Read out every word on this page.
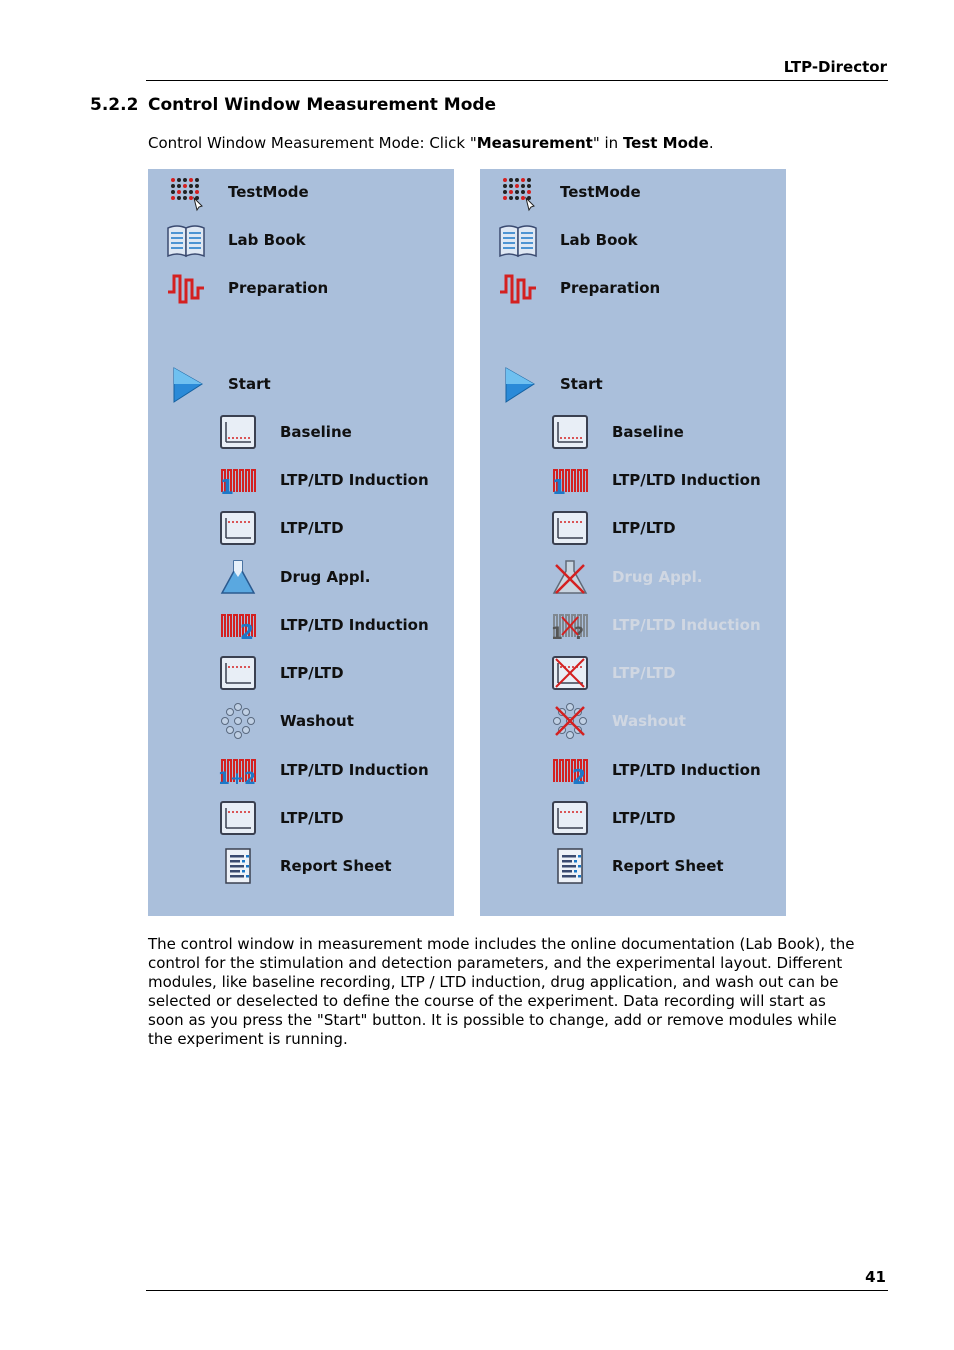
LTP-Director
5.2.2 Control Window Measurement Mode
Control Window Measurement Mode: Click "Measurement" in Test Mode.
TestMode
Lab Book
Preparation
Start
Baseline
1	LTP/LTD Induction
LTP/LTD
Drug Appl.
2 LTP/LTD Induction
LTP/LTD
Washout
1+2 LTP/LTD Induction
LTP/LTD
Report Sheet
TestMode
Lab Book
Preparation
Start
Baseline
1	LTP/LTD Induction
LTP/LTD
Drug Appl.
1 ? LTP/LTD Induction
LTP/LTD
Washout
2 LTP/LTD Induction
LTP/LTD
Report Sheet
The control window in measurement mode includes the online documentation (Lab Book), the control for the stimulation and detection parameters, and the experimental layout. Different modules, like baseline recording, LTP / LTD induction, drug application, and wash out can be selected or deselected to define the course of the experiment. Data recording will start as soon as you press the "Start" button. It is possible to change, add or remove modules while the experiment is running.
41
